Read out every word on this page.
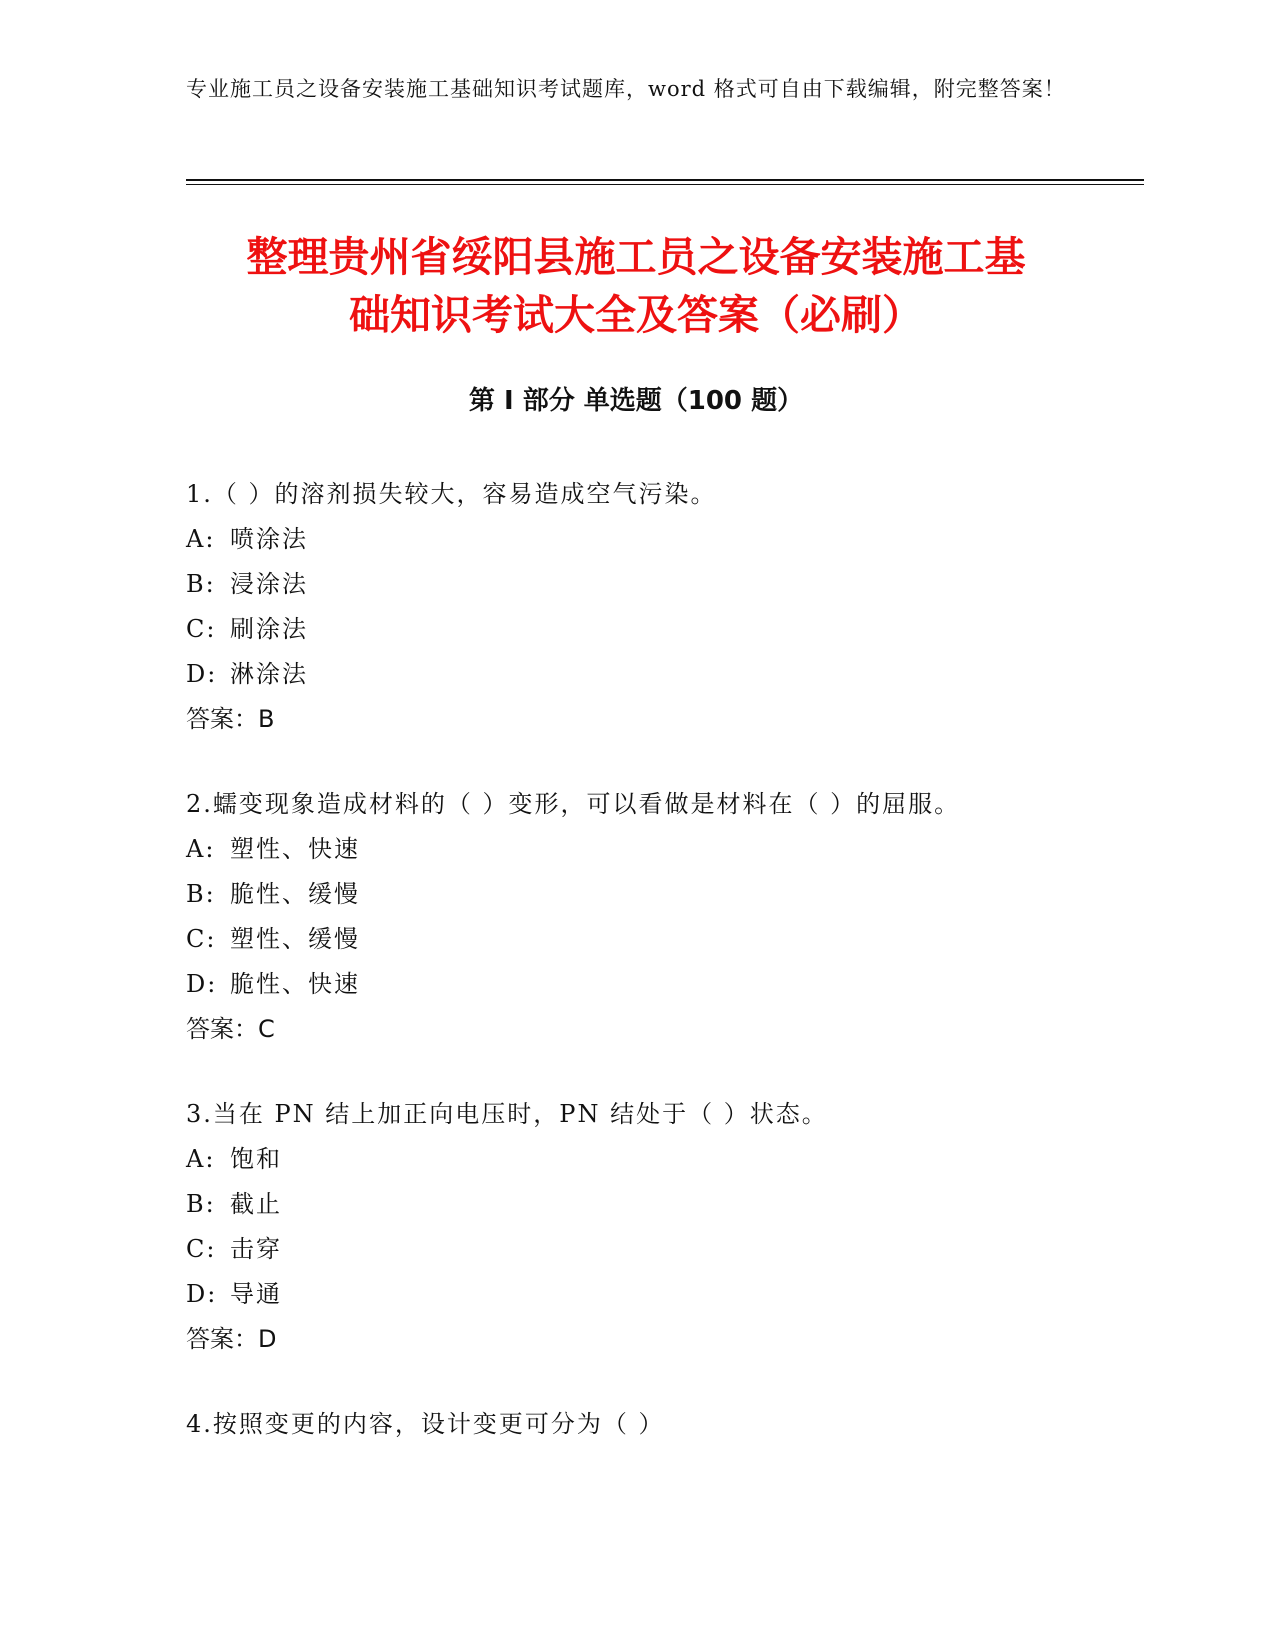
专业施工员之设备安装施工基础知识考试题库，word 格式可自由下载编辑，附完整答案！
整理贵州省绥阳县施工员之设备安装施工基
础知识考试大全及答案（必刷）
第 I 部分 单选题（100 题）
1.（ ）的溶剂损失较大，容易造成空气污染。
A: 喷涂法
B: 浸涂法
C: 刷涂法
D: 淋涂法
答案：B
2.蠕变现象造成材料的（ ）变形，可以看做是材料在（ ）的屈服。
A: 塑性、快速
B: 脆性、缓慢
C: 塑性、缓慢
D: 脆性、快速
答案：C
3.当在 PN 结上加正向电压时，PN 结处于（ ）状态。
A: 饱和
B: 截止
C: 击穿
D: 导通
答案：D
4.按照变更的内容，设计变更可分为（ ）
